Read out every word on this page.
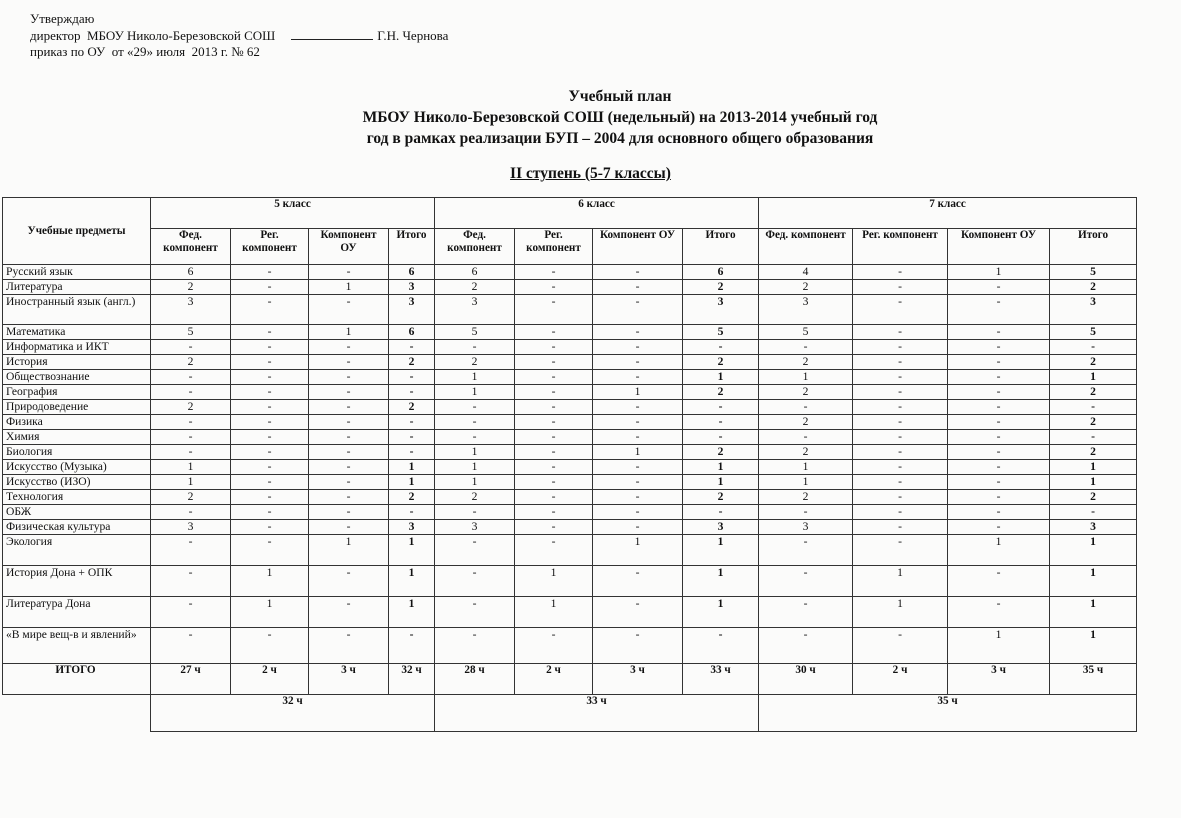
Утверждаю
директор  МБОУ Николо-Березовской СОШ	Г.Н. Чернова
приказ по ОУ  от «29» июля  2013 г. № 62
Учебный план
МБОУ Николо-Березовской СОШ (недельный) на 2013-2014 учебный год
год в рамках реализации БУП – 2004 для основного общего образования
II ступень (5-7 классы)
Учебные предметы	5 класс				6 класс				7 класс			
	Фед. компонент	Рег. компонент	Компонент ОУ	Итого	Фед. компонент	Рег. компонент	Компонент ОУ	Итого	Фед. компонент	Рег. компонент	Компонент ОУ	Итого
Русский язык	6	-	-	6	6	-	-	6	4	-	1	5
Литература	2	-	1	3	2	-	-	2	2	-	-	2
Иностранный язык (англ.)	3	-	-	3	3	-	-	3	3	-	-	3
Математика	5	-	1	6	5	-	-	5	5	-	-	5
Информатика и ИКТ	-	-	-	-	-	-	-	-	-	-	-	-
История	2	-	-	2	2	-	-	2	2	-	-	2
Обществознание	-	-	-	-	1	-	-	1	1	-	-	1
География	-	-	-	-	1	-	1	2	2	-	-	2
Природоведение	2	-	-	2	-	-	-	-	-	-	-	-
Физика	-	-	-	-	-	-	-	-	2	-	-	2
Химия	-	-	-	-	-	-	-	-	-	-	-	-
Биология	-	-	-	-	1	-	1	2	2	-	-	2
Искусство (Музыка)	1	-	-	1	1	-	-	1	1	-	-	1
Искусство (ИЗО)	1	-	-	1	1	-	-	1	1	-	-	1
Технология	2	-	-	2	2	-	-	2	2	-	-	2
ОБЖ	-	-	-	-	-	-	-	-	-	-	-	-
Физическая культура	3	-	-	3	3	-	-	3	3	-	-	3
Экология	-	-	1	1	-	-	1	1	-	-	1	1
История Дона + ОПК	-	1	-	1	-	1	-	1	-	1	-	1
Литература Дона	-	1	-	1	-	1	-	1	-	1	-	1
«В мире вещ-в и явлений»	-	-	-	-	-	-	-	-	-	-	1	1
ИТОГО	27 ч	2 ч	3 ч	32 ч	28 ч	2 ч	3 ч	33 ч	30 ч	2 ч	3 ч	35 ч
	32 ч				33 ч				35 ч			
